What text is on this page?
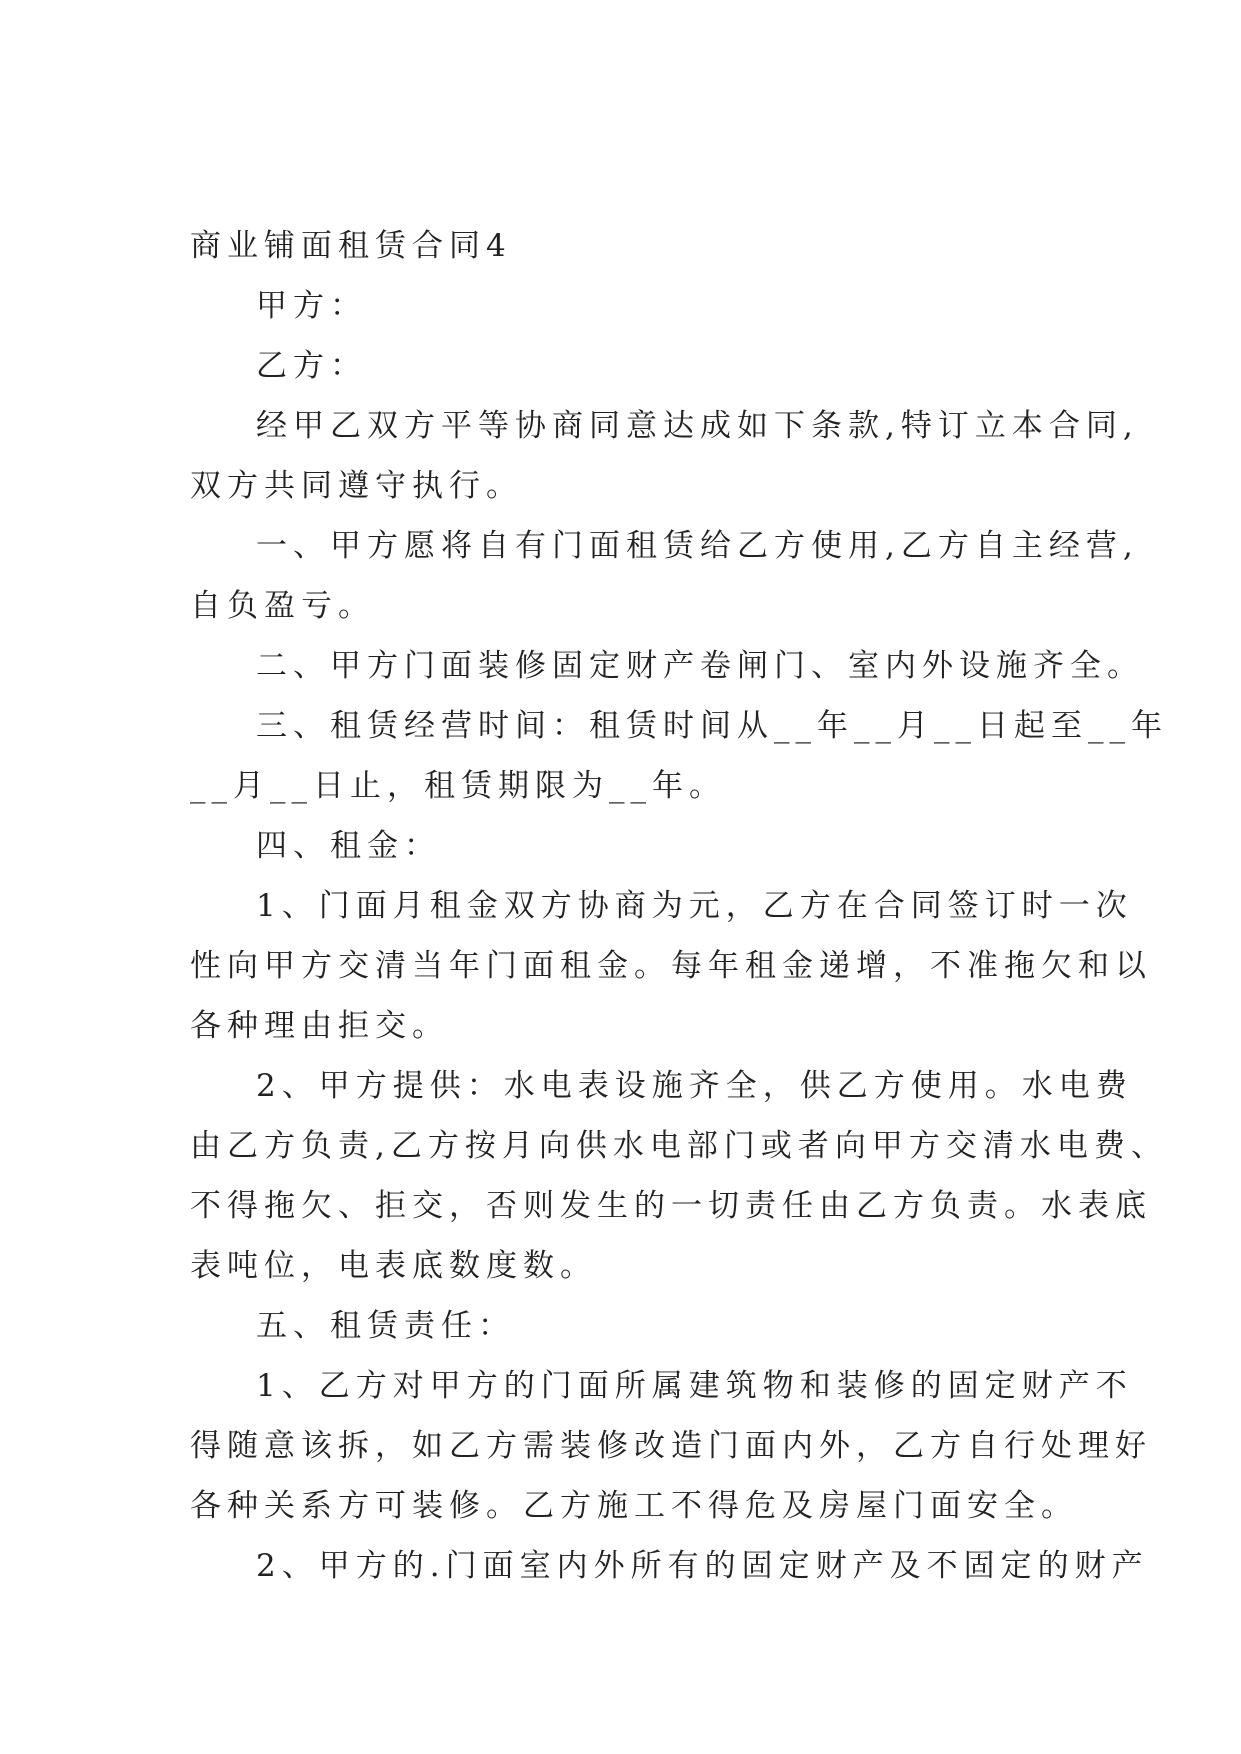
商业铺面租赁合同4

甲方：

乙方：

经甲乙双方平等协商同意达成如下条款,特订立本合同,

双方共同遵守执行。

一、甲方愿将自有门面租赁给乙方使用,乙方自主经营,

自负盈亏。

二、甲方门面装修固定财产卷闸门、室内外设施齐全。

三、租赁经营时间：租赁时间从__年__月__日起至__年

__月__日止，租赁期限为__年。

四、租金：

1、门面月租金双方协商为元，乙方在合同签订时一次

性向甲方交清当年门面租金。每年租金递增，不准拖欠和以

各种理由拒交。

2、甲方提供：水电表设施齐全，供乙方使用。水电费

由乙方负责,乙方按月向供水电部门或者向甲方交清水电费、

不得拖欠、拒交，否则发生的一切责任由乙方负责。水表底

表吨位，电表底数度数。

五、租赁责任：

1、乙方对甲方的门面所属建筑物和装修的固定财产不

得随意该拆，如乙方需装修改造门面内外，乙方自行处理好

各种关系方可装修。乙方施工不得危及房屋门面安全。

2、甲方的.门面室内外所有的固定财产及不固定的财产
